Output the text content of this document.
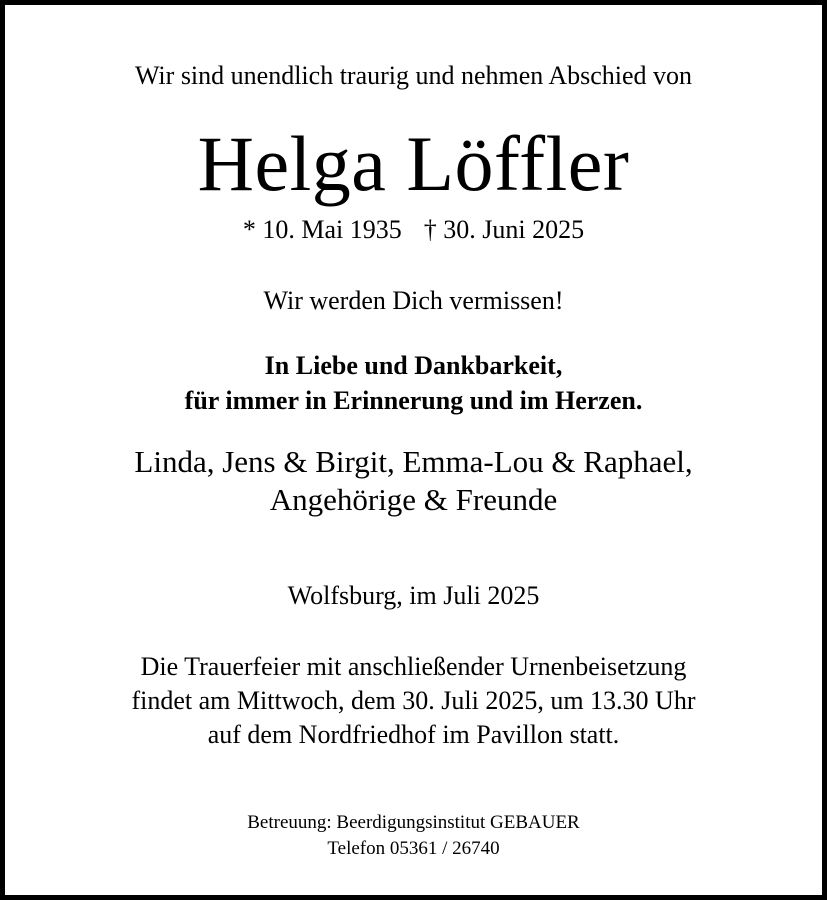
Wir sind unendlich traurig und nehmen Abschied von
Helga Löffler
* 10. Mai 1935 † 30. Juni 2025
Wir werden Dich vermissen!
In Liebe und Dankbarkeit,
für immer in Erinnerung und im Herzen.
Linda, Jens & Birgit, Emma-Lou & Raphael,
Angehörige & Freunde
Wolfsburg, im Juli 2025
Die Trauerfeier mit anschließender Urnenbeisetzung
findet am Mittwoch, dem 30. Juli 2025, um 13.30 Uhr
auf dem Nordfriedhof im Pavillon statt.
Betreuung: Beerdigungsinstitut GEBAUER
Telefon 05361 / 26740
